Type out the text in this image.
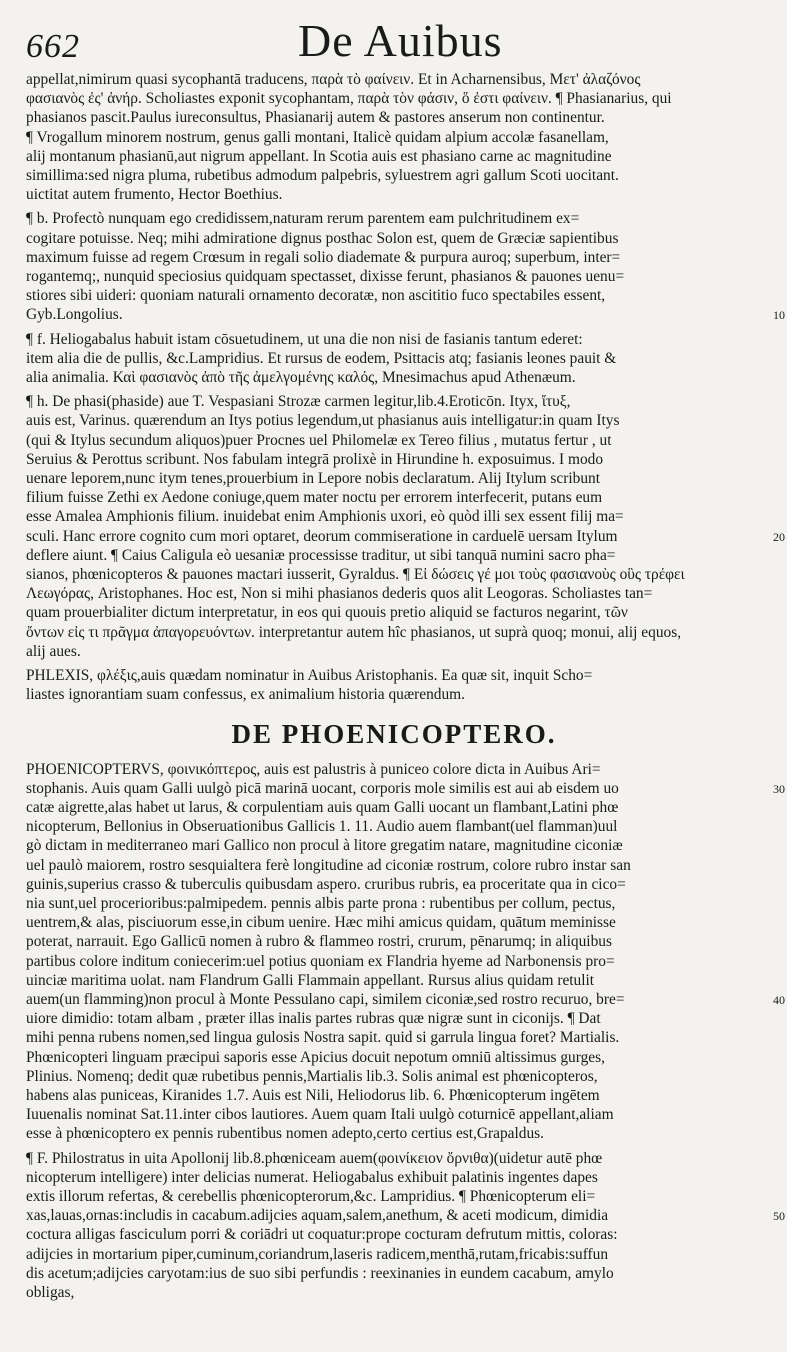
662	De Auibus

appellat,nimirum quasi sycophantā traducens, παρὰ τὸ φαίνειν. Et in Acharnensibus, Μετ' ἀλαζόνος

φασιανὸς ἐς' ἀνήρ. Scholiastes exponit sycophantam, παρὰ τὸν φάσιν, ὅ ἐστι φαίνειν. ¶ Phasianarius, qui

phasianos pascit.Paulus iureconsultus, Phasianarij autem & pastores anserum non continentur.

¶ Vrogallum minorem nostrum, genus galli montani, Italicè quidam alpium accolæ fasanellam,

alij montanum phasianū,aut nigrum appellant. In Scotia auis est phasiano carne ac magnitudine

simillima:sed nigra pluma, rubetibus admodum palpebris, syluestrem agri gallum Scoti uocitant.

uictitat autem frumento, Hector Boethius.

¶ b. Profectò nunquam ego credidissem,naturam rerum parentem eam pulchritudinem ex=

cogitare potuisse. Neq; mihi admiratione dignus posthac Solon est, quem de Græciæ sapientibus

maximum fuisse ad regem Crœsum in regali solio diademate & purpura auroq; superbum, inter=

rogantemq;, nunquid speciosius quidquam spectasset, dixisse ferunt, phasianos & pauones uenu=

stiores sibi uideri: quoniam naturali ornamento decoratæ, non ascititio fuco spectabiles essent,

Gyb.Longolius.

¶ f. Heliogabalus habuit istam cōsuetudinem, ut una die non nisi de fasianis tantum ederet:

item alia die de pullis, &c.Lampridius. Et rursus de eodem, Psittacis atq; fasianis leones pauit &

alia animalia. Καὶ φασιανὸς ἀπὸ τῆς ἀμελγομένης καλός, Mnesimachus apud Athenæum.

¶ h. De phasi(phaside) aue T. Vespasiani Strozæ carmen legitur,lib.4.Eroticōn. Ityx, ἴτυξ,

auis est, Varinus. quærendum an Itys potius legendum,ut phasianus auis intelligatur:in quam Itys

(qui & Itylus secundum aliquos)puer Procnes uel Philomelæ ex Tereo filius , mutatus fertur , ut

Seruius & Perottus scribunt. Nos fabulam integrā prolixè in Hirundine h. exposuimus. I modo

uenare leporem,nunc itym tenes,prouerbium in Lepore nobis declaratum. Alij Itylum scribunt

filium fuisse Zethi ex Aedone coniuge,quem mater noctu per errorem interfecerit, putans eum

esse Amalea Amphionis filium. inuidebat enim Amphionis uxori, eò quòd illi sex essent filij ma=

sculi. Hanc errore cognito cum mori optaret, deorum commiseratione in carduelē uersam Itylum

deflere aiunt. ¶ Caius Caligula eò uesaniæ processisse traditur, ut sibi tanquā numini sacro pha=

sianos, phœnicopteros & pauones mactari iusserit, Gyraldus. ¶ Εἰ δώσεις γέ μοι τοὺς φασιανοὺς οὓς τρέφει

Λεωγόρας, Aristophanes. Hoc est, Non si mihi phasianos dederis quos alit Leogoras. Scholiastes tan=

quam prouerbialiter dictum interpretatur, in eos qui quouis pretio aliquid se facturos negarint, τῶν

ὄντων εἰς τι πρᾶγμα ἀπαγορευόντων. interpretantur autem hîc phasianos, ut suprà quoq; monui, alij equos,

alij aues.

PHLEXIS, φλέξις,auis quædam nominatur in Auibus Aristophanis. Ea quæ sit, inquit Scho=

liastes ignorantiam suam confessus, ex animalium historia quærendum.

DE PHOENICOPTERO.

PHOENICOPTERVS, φοινικόπτερος, auis est palustris à puniceo colore dicta in Auibus Ari=

stophanis. Auis quam Galli uulgò picā marinā uocant, corporis mole similis est aui ab eisdem uo

catæ aigrette,alas habet ut larus, & corpulentiam auis quam Galli uocant un flambant,Latini phœ

nicopterum, Bellonius in Obseruationibus Gallicis 1. 11. Audio auem flambant(uel flamman)uul

gò dictam in mediterraneo mari Gallico non procul à litore gregatim natare, magnitudine ciconiæ

uel paulò maiorem, rostro sesquialtera ferè longitudine ad ciconiæ rostrum, colore rubro instar san

guinis,superius crasso & tuberculis quibusdam aspero. cruribus rubris, ea proceritate qua in cico=

nia sunt,uel procerioribus:palmipedem. pennis albis parte prona : rubentibus per collum, pectus,

uentrem,& alas, pisciuorum esse,in cibum uenire. Hæc mihi amicus quidam, quātum meminisse

poterat, narrauit. Ego Gallicū nomen à rubro & flammeo rostri, crurum, pēnarumq; in aliquibus

partibus colore inditum coniecerim:uel potius quoniam ex Flandria hyeme ad Narbonensis pro=

uinciæ maritima uolat. nam Flandrum Galli Flammain appellant. Rursus alius quidam retulit

auem(un flamming)non procul à Monte Pessulano capi, similem ciconiæ,sed rostro recuruo, bre=

uiore dimidio: totam albam , præter illas inalis partes rubras quæ nigræ sunt in ciconijs. ¶ Dat

mihi penna rubens nomen,sed lingua gulosis Nostra sapit. quid si garrula lingua foret? Martialis.

Phœnicopteri linguam præcipui saporis esse Apicius docuit nepotum omniū altissimus gurges,

Plinius. Nomenq; dedit quæ rubetibus pennis,Martialis lib.3. Solis animal est phœnicopteros,

habens alas puniceas, Kiranides 1.7. Auis est Nili, Heliodorus lib. 6. Phœnicopterum ingētem

Iuuenalis nominat Sat.11.inter cibos lautiores. Auem quam Itali uulgò coturnicē appellant,aliam

esse à phœnicoptero ex pennis rubentibus nomen adepto,certo certius est,Grapaldus.

¶ F. Philostratus in uita Apollonij lib.8.phœniceam auem(φοινίκειον ὄρνιθα)(uidetur autē phœ

nicopterum intelligere) inter delicias numerat. Heliogabalus exhibuit palatinis ingentes dapes

extis illorum refertas, & cerebellis phœnicopterorum,&c. Lampridius. ¶ Phœnicopterum eli=

xas,lauas,ornas:includis in cacabum.adijcies aquam,salem,anethum, & aceti modicum, dimidia

coctura alligas fasciculum porri & coriādri ut coquatur:prope cocturam defrutum mittis, coloras:

adijcies in mortarium piper,cuminum,coriandrum,laseris radicem,menthā,rutam,fricabis:suffun

dis acetum;adijcies caryotam:ius de suo sibi perfundis : reexinanies in eundem cacabum, amylo

obligas,

10
20
30
40
50
